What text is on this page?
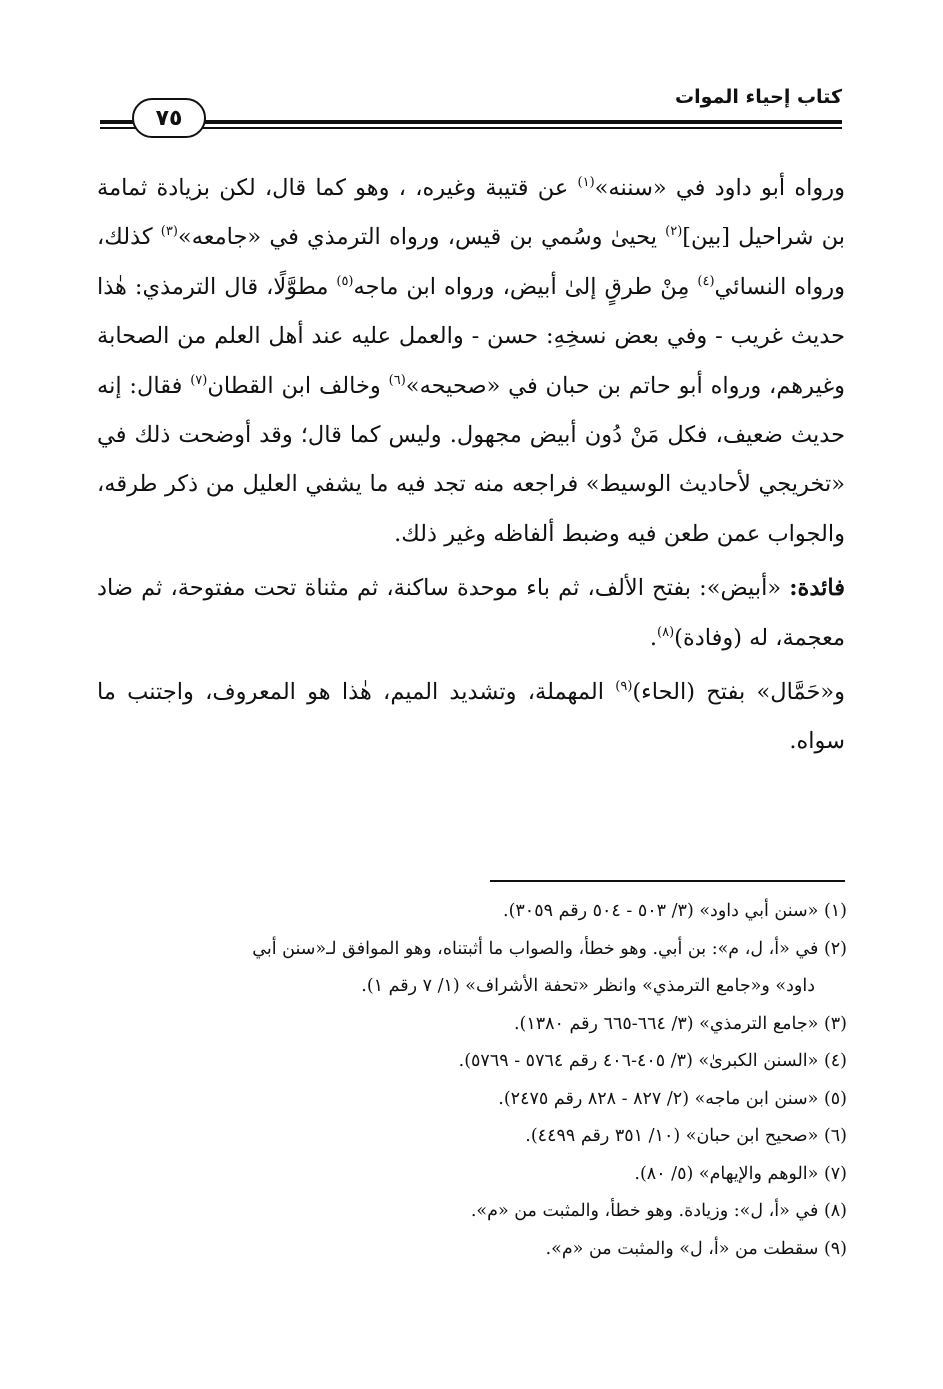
كتاب إحياء الموات
٧٥

ورواه أبو داود في «سننه»$^{(١)}$ عن قتيبة وغيره، ، وهو كما قال، لكن بزيادة ثمامة بن شراحيل [بين]$^{(٢)}$ يحيىٰ وسُمي بن قيس، ورواه الترمذي في «جامعه»$^{(٣)}$ كذلك، ورواه النسائي$^{(٤)}$ مِنْ طرقٍ إلىٰ أبيض، ورواه ابن ماجه$^{(٥)}$ مطوَّلًا، قال الترمذي: هٰذا حديث غريب - وفي بعض نسخِهِ: حسن - والعمل عليه عند أهل العلم من الصحابة وغيرهم، ورواه أبو حاتم بن حبان في «صحيحه»$^{(٦)}$ وخالف ابن القطان$^{(٧)}$ فقال: إنه حديث ضعيف، فكل مَنْ دُون أبيض مجهول. وليس كما قال؛ وقد أوضحت ذلك في «تخريجي لأحاديث الوسيط» فراجعه منه تجد فيه ما يشفي العليل من ذكر طرقه، والجواب عمن طعن فيه وضبط ألفاظه وغير ذلك.

فائدة: «أبيض»: بفتح الألف، ثم باء موحدة ساكنة، ثم مثناة تحت مفتوحة، ثم ضاد معجمة، له (وفادة)$^{(٨)}$.

و«حَمَّال» بفتح (الحاء)$^{(٩)}$ المهملة، وتشديد الميم، هٰذا هو المعروف، واجتنب ما سواه.

(١) «سنن أبي داود» (٣/ ٥٠٣ - ٥٠٤ رقم ٣٠٥٩).

(٢) في «أ، ل، م»: بن أبي. وهو خطأ، والصواب ما أثبتناه، وهو الموافق لـ«سنن أبي

داود» و«جامع الترمذي» وانظر «تحفة الأشراف» (١/ ٧ رقم ١).

(٣) «جامع الترمذي» (٣/ ٦٦٤-٦٦٥ رقم ١٣٨٠).

(٤) «السنن الكبرىٰ» (٣/ ٤٠٥-٤٠٦ رقم ٥٧٦٤ - ٥٧٦٩).

(٥) «سنن ابن ماجه» (٢/ ٨٢٧ - ٨٢٨ رقم ٢٤٧٥).

(٦) «صحيح ابن حبان» (١٠/ ٣٥١ رقم ٤٤٩٩).

(٧) «الوهم والإيهام» (٥/ ٨٠).

(٨) في «أ، ل»: وزيادة. وهو خطأ، والمثبت من «م».

(٩) سقطت من «أ، ل» والمثبت من «م».
